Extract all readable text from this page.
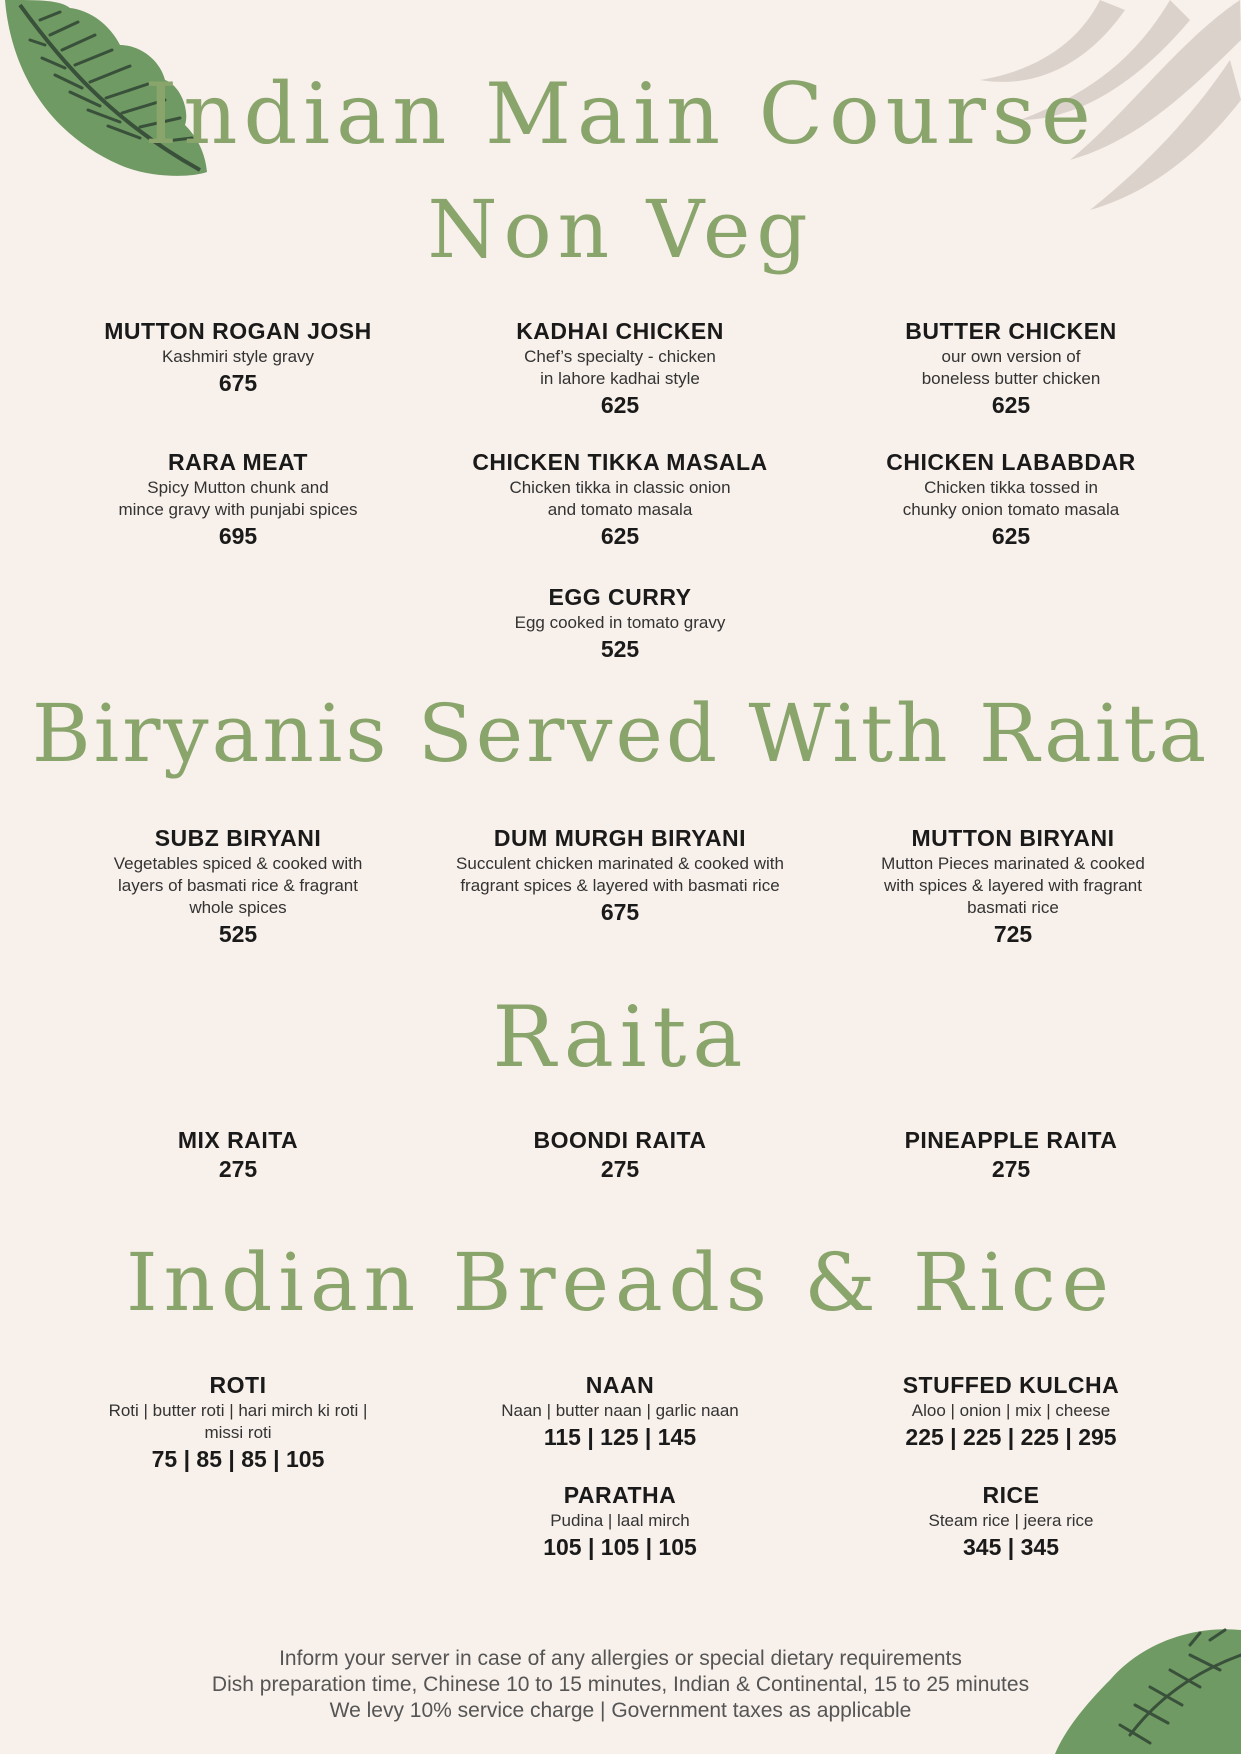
Indian Main Course
Non Veg
Biryanis Served With Raita
Raita
Indian Breads & Rice
MUTTON ROGAN JOSH
Kashmiri style gravy
675
KADHAI CHICKEN
Chef’s specialty - chicken
in lahore kadhai style
625
BUTTER CHICKEN
our own version of
boneless butter chicken
625
RARA MEAT
Spicy Mutton chunk and
mince gravy with punjabi spices
695
CHICKEN TIKKA MASALA
Chicken tikka in classic onion
and tomato masala
625
CHICKEN LABABDAR
Chicken tikka tossed in
chunky onion tomato masala
625
EGG CURRY
Egg cooked in tomato gravy
525
SUBZ BIRYANI
Vegetables spiced & cooked with
layers of basmati rice & fragrant
whole spices
525
DUM MURGH BIRYANI
Succulent chicken marinated & cooked with
fragrant spices & layered with basmati rice
675
MUTTON BIRYANI
Mutton Pieces marinated & cooked
with spices & layered with fragrant
basmati rice
725
MIX RAITA
275
BOONDI RAITA
275
PINEAPPLE RAITA
275
ROTI
Roti | butter roti | hari mirch ki roti |
missi roti
75 | 85 | 85 | 105
NAAN
Naan | butter naan | garlic naan
115 | 125 | 145
STUFFED KULCHA
Aloo | onion | mix | cheese
225 | 225 | 225 | 295
PARATHA
Pudina | laal mirch
105 | 105 | 105
RICE
Steam rice | jeera rice
345 | 345
Inform your server in case of any allergies or special dietary requirements
Dish preparation time, Chinese 10 to 15 minutes, Indian & Continental, 15 to 25 minutes
We levy 10% service charge | Government taxes as applicable
